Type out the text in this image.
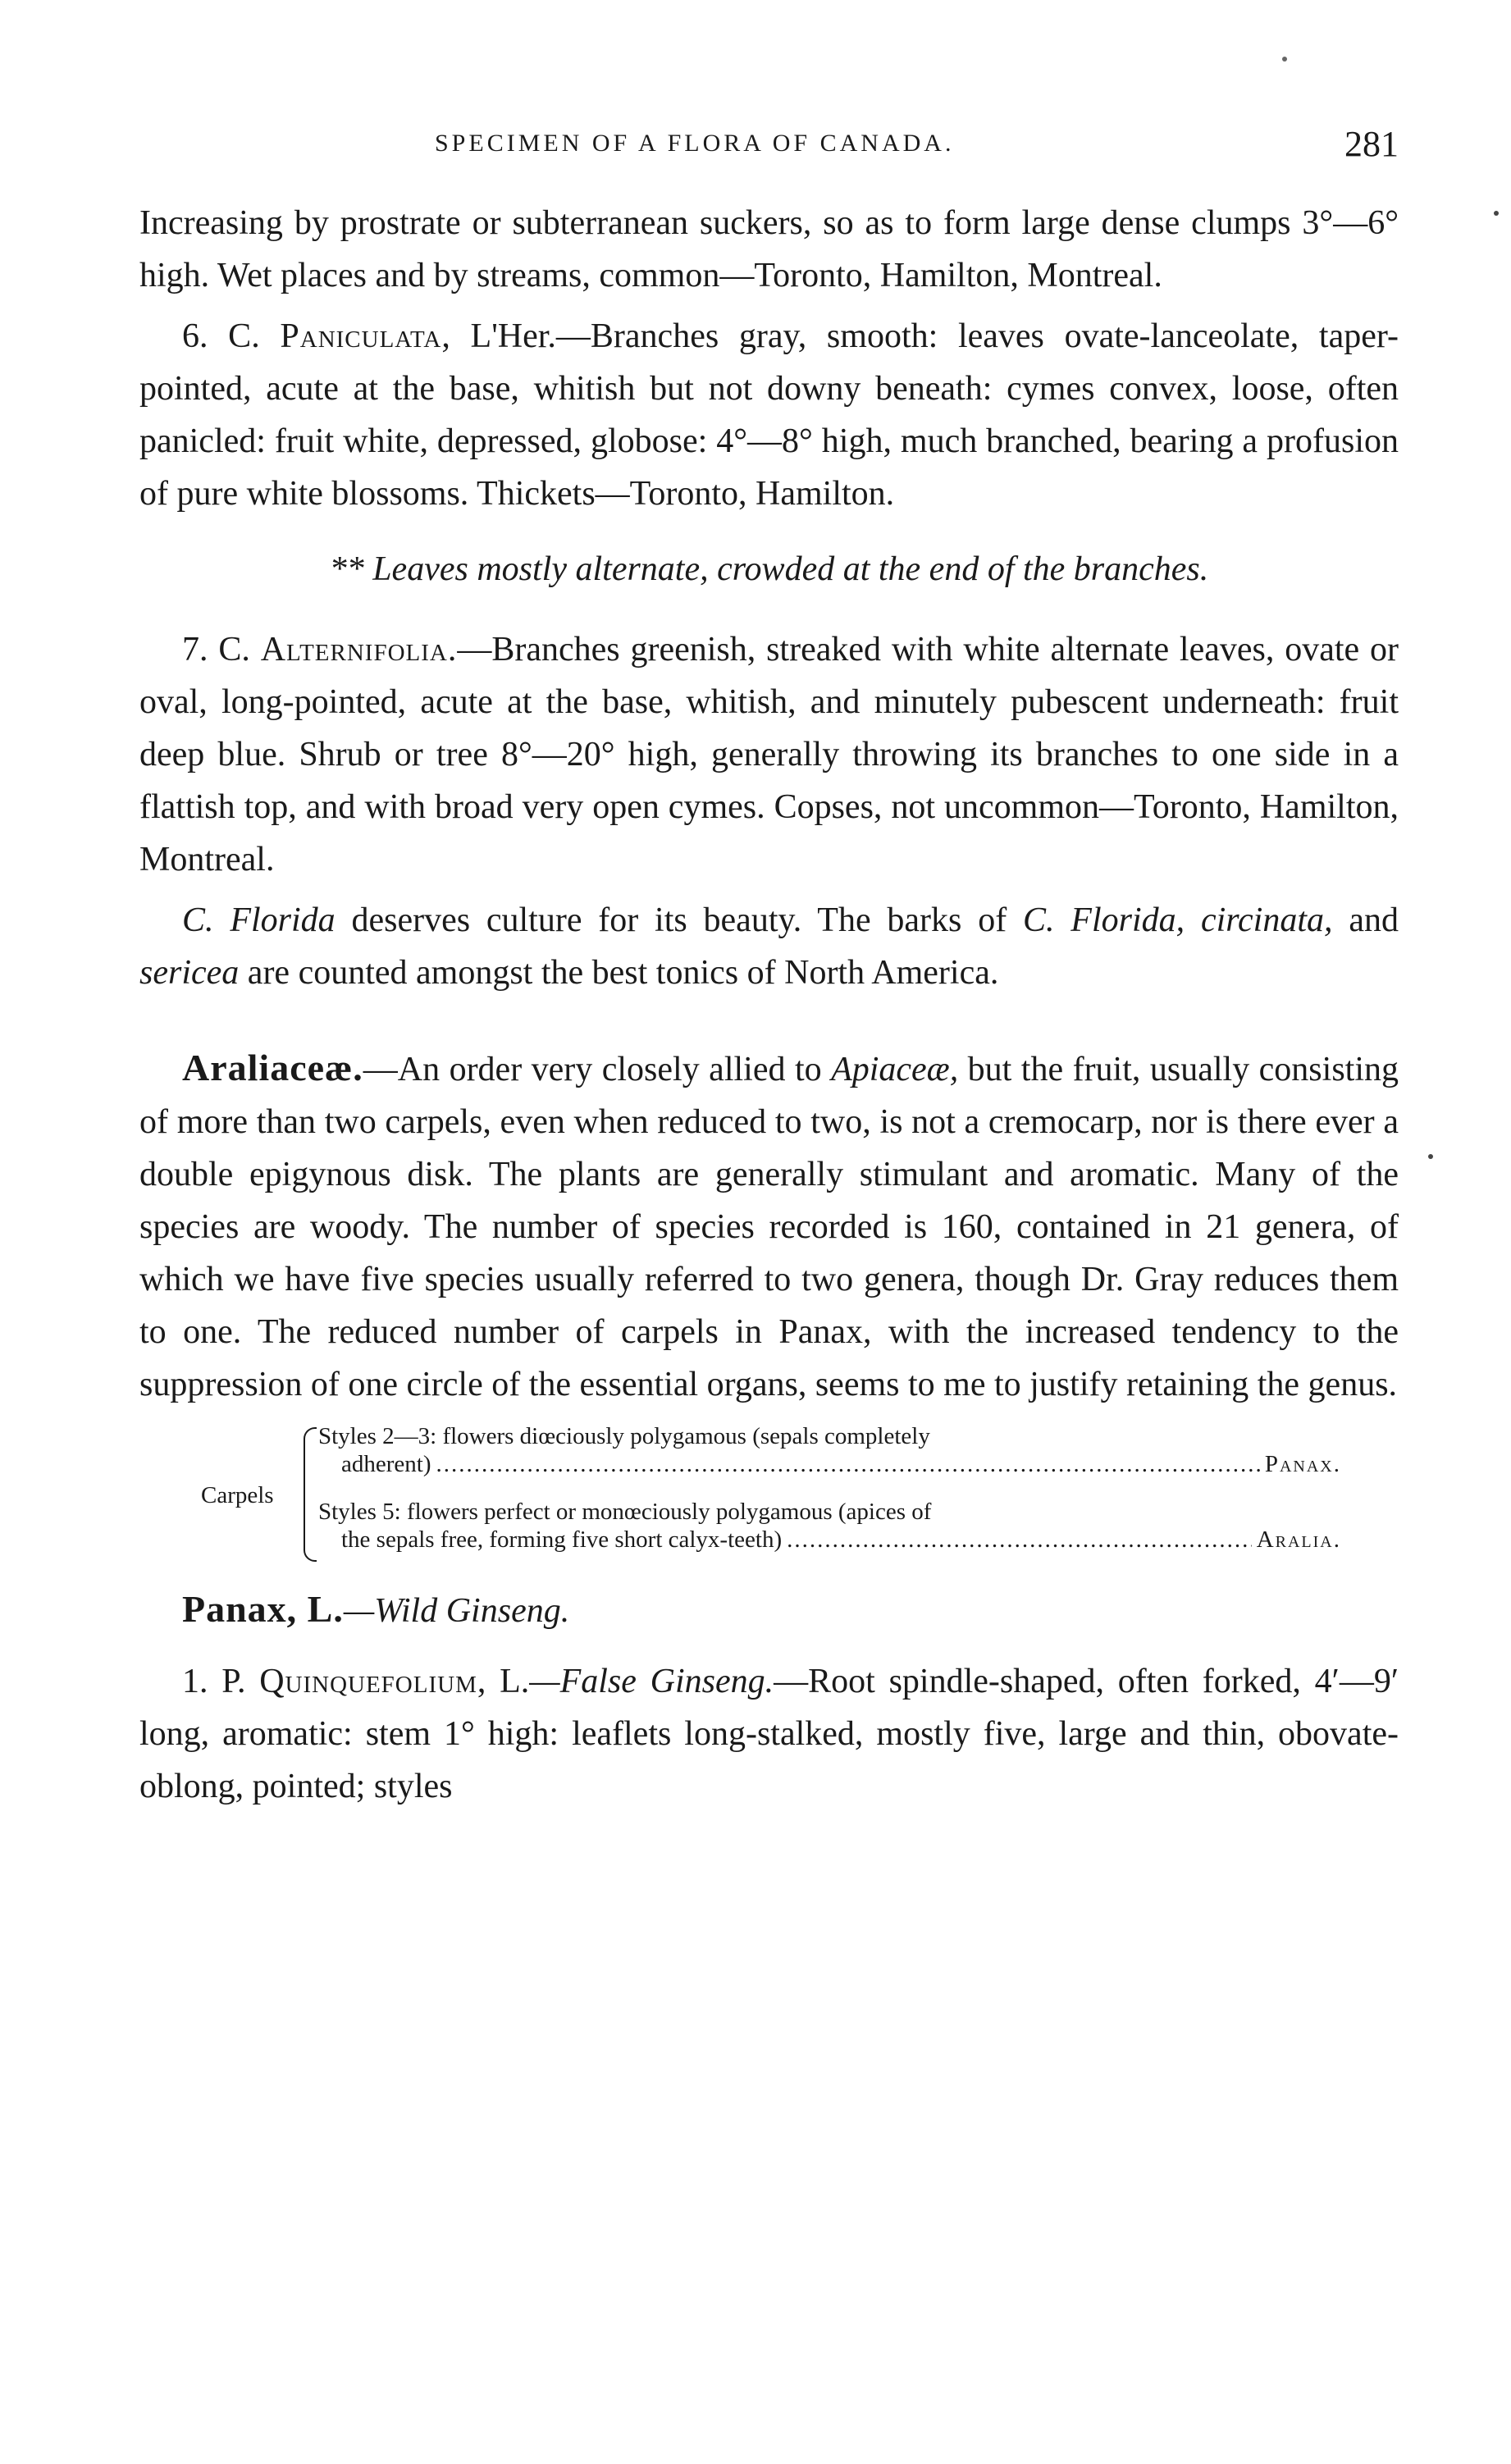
SPECIMEN OF A FLORA OF CANADA.	281

Increasing by prostrate or subterranean suckers, so as to form large dense clumps 3°—6° high. Wet places and by streams, common—Toronto, Hamilton, Montreal.

6. C. Paniculata, L'Her.—Branches gray, smooth: leaves ovate-lanceolate, taper-pointed, acute at the base, whitish but not downy beneath: cymes convex, loose, often panicled: fruit white, depressed, globose: 4°—8° high, much branched, bearing a profusion of pure white blossoms. Thickets—Toronto, Hamilton.

** Leaves mostly alternate, crowded at the end of the branches.

7. C. Alternifolia.—Branches greenish, streaked with white alternate leaves, ovate or oval, long-pointed, acute at the base, whitish, and minutely pubescent underneath: fruit deep blue. Shrub or tree 8°—20° high, generally throwing its branches to one side in a flattish top, and with broad very open cymes. Copses, not uncommon—Toronto, Hamilton, Montreal.

C. Florida deserves culture for its beauty. The barks of C. Florida, circinata, and sericea are counted amongst the best tonics of North America.

Araliaceæ.—An order very closely allied to Apiaceæ, but the fruit, usually consisting of more than two carpels, even when reduced to two, is not a cremocarp, nor is there ever a double epigynous disk. The plants are generally stimulant and aromatic. Many of the species are woody. The number of species recorded is 160, contained in 21 genera, of which we have five species usually referred to two genera, though Dr. Gray reduces them to one. The reduced number of carpels in Panax, with the increased tendency to the suppression of one circle of the essential organs, seems to me to justify retaining the genus.

Carpels
Styles 2—3: flowers diœciously polygamous (sepals completely
adherent) .....	Panax.
Styles 5: flowers perfect or monœciously polygamous (apices of
the sepals free, forming five short calyx-teeth) .....	Aralia.

Panax, L.—Wild Ginseng.

1. P. Quinquefolium, L.—False Ginseng.—Root spindle-shaped, often forked, 4′—9′ long, aromatic: stem 1° high: leaflets long-stalked, mostly five, large and thin, obovate-oblong, pointed; styles
